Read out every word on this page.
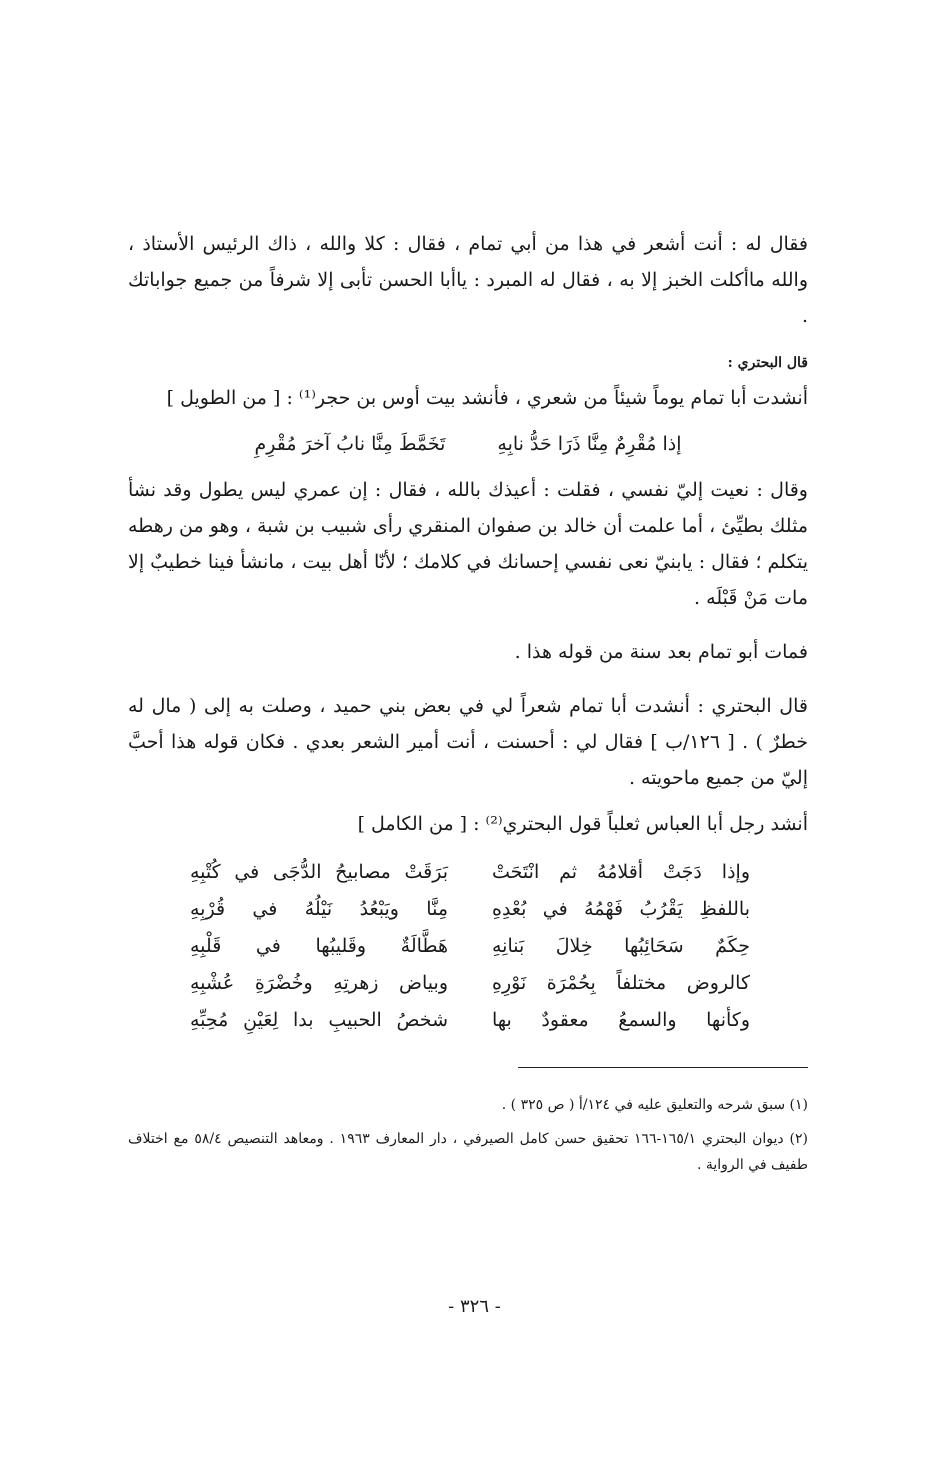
فقال له : أنت أشعر في هذا من أبي تمام ، فقال : كلا والله ، ذاك الرئيس الأستاذ ، والله ماأكلت الخبز إلا به ، فقال له المبرد : ياأبا الحسن تأبى إلا شرفاً من جميع جواباتك .

قال البحتري :

أنشدت أبا تمام يوماً شيئاً من شعري ، فأنشد بيت أوس بن حجر⁽¹⁾ : [ من الطويل ]

إذا مُقْرِمٌ مِنَّا ذَرَا حَدُّ نابِهِ
تَخَمَّطَ مِنَّا نابُ آخرَ مُقْرِمِ

وقال : نعيت إليّ نفسي ، فقلت : أعيذك بالله ، فقال : إن عمري ليس يطول وقد نشأ مثلك بطيِّئ ، أما علمت أن خالد بن صفوان المنقري رأى شبيب بن شبة ، وهو من رهطه يتكلم ؛ فقال : يابنيّ نعى نفسي إحسانك في كلامك ؛ لأنّا أهل بيت ، مانشأ فينا خطيبٌ إلا مات مَنْ قَبْلَه .

فمات أبو تمام بعد سنة من قوله هذا .

قال البحتري : أنشدت أبا تمام شعراً لي في بعض بني حميد ، وصلت به إلى ( مال له خطرٌ ) . [ ١٢٦/ب ] فقال لي : أحسنت ، أنت أمير الشعر بعدي . فكان قوله هذا أحبَّ إليّ من جميع ماحويته .

أنشد رجل أبا العباس ثعلباً قول البحتري⁽²⁾ : [ من الكامل ]

وإذا دَجَتْ أقلامُهُ ثم انْتَحَتْ
بَرَقَتْ مصابيحُ الدُّجَى في كُتْبِهِ
باللفظِ يَقْرُبُ فَهْمُهُ في بُعْدِهِ
مِنَّا ويَبْعُدُ نَيْلُهُ في قُرْبِهِ
حِكَمٌ سَحَائِبُها خِلالَ بَنانِهِ
هَطَّالَةٌ وقَليبُها في قَلْبِهِ
كالروض مختلفاً بِحُمْرَة نَوْرِهِ
وبياض زهرتِهِ وخُضْرَةِ عُشْبِهِ
وكأنها والسمعُ معقودٌ بها
شخصُ الحبيبِ بدا لِعَيْنِ مُحِبِّهِ

(١) سبق شرحه والتعليق عليه في ١٢٤/أ ( ص ٣٢٥ ) .

(٢) ديوان البحتري ١٦٥/١-١٦٦ تحقيق حسن كامل الصيرفي ، دار المعارف ١٩٦٣ . ومعاهد التنصيص ٥٨/٤ مع اختلاف طفيف في الرواية .

- ٣٢٦ -
